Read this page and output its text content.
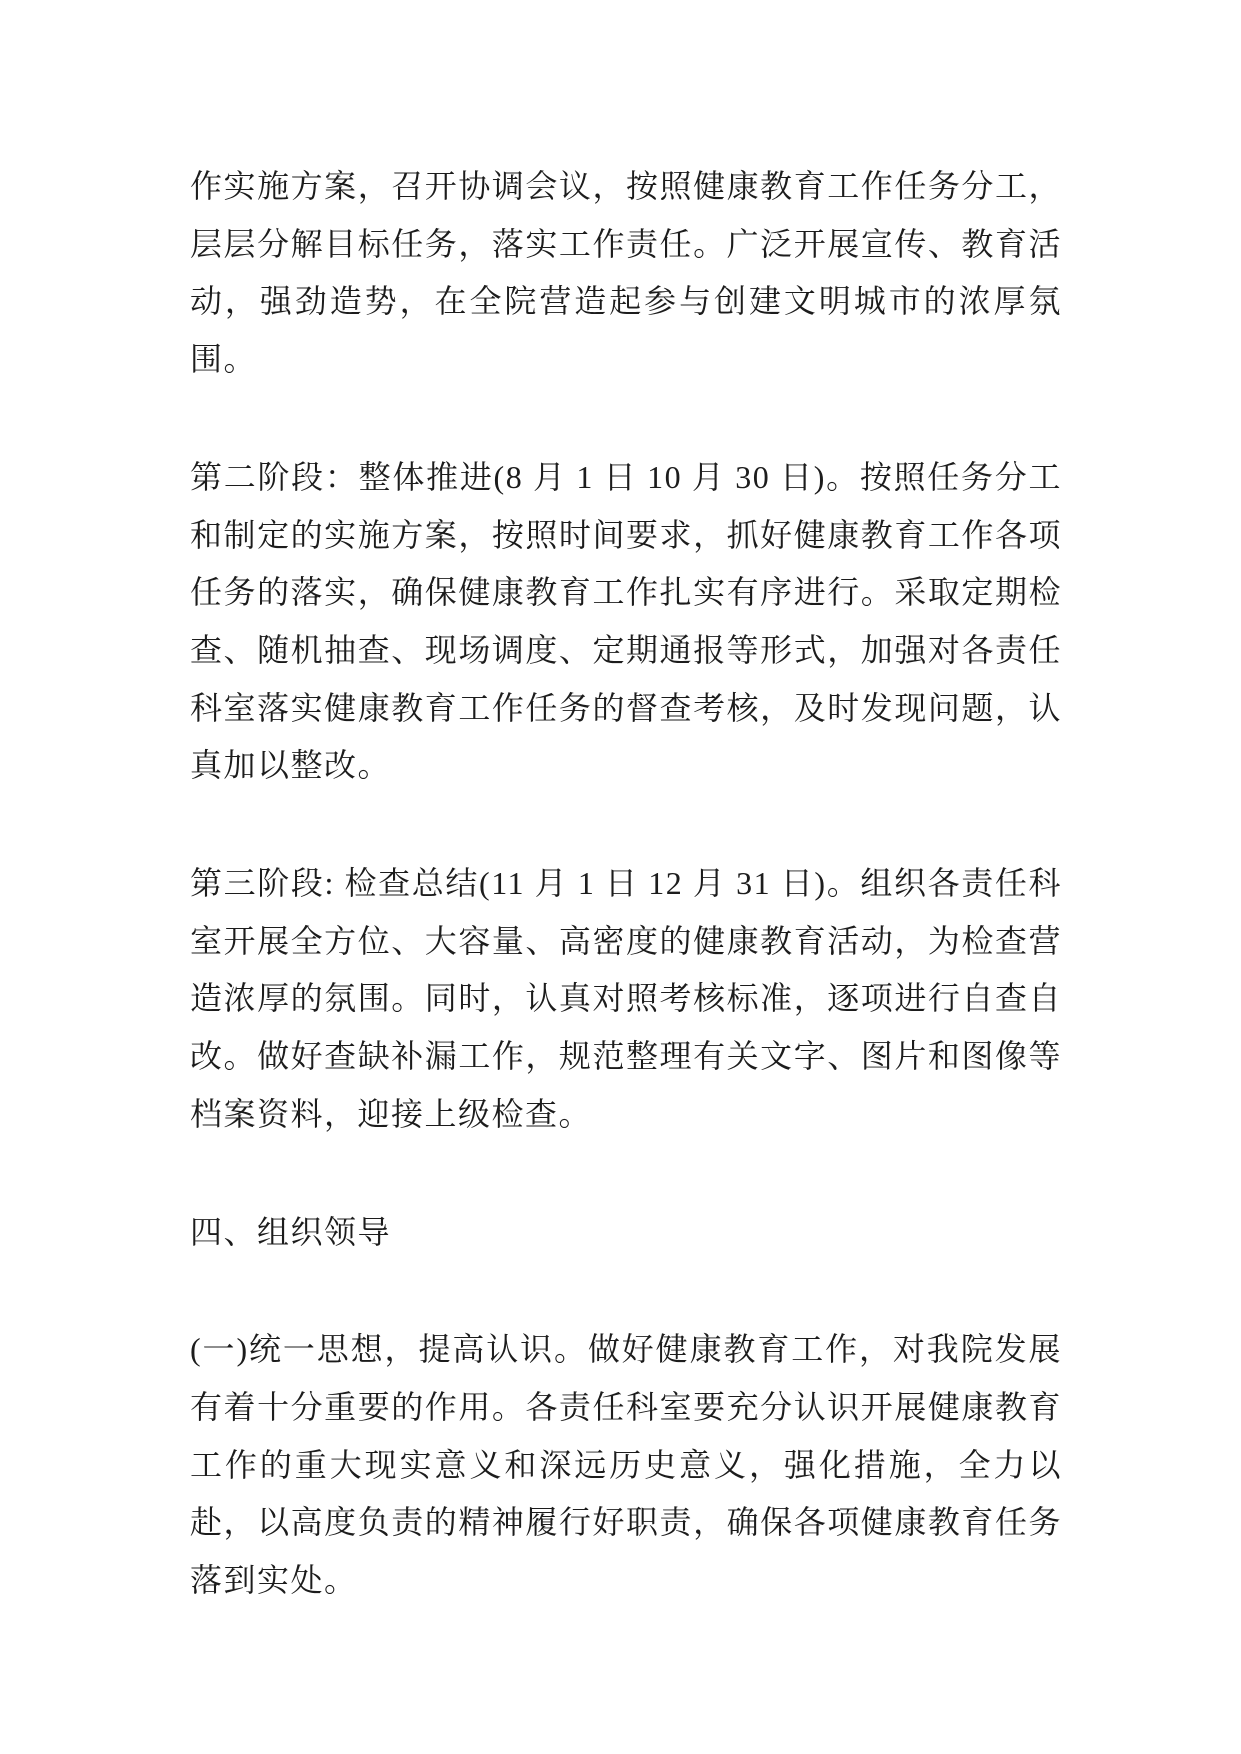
作实施方案，召开协调会议，按照健康教育工作任务分工，层层分解目标任务，落实工作责任。广泛开展宣传、教育活动，强劲造势，在全院营造起参与创建文明城市的浓厚氛围。

第二阶段：整体推进(8 月 1 日 10 月 30 日)。按照任务分工和制定的实施方案，按照时间要求，抓好健康教育工作各项任务的落实，确保健康教育工作扎实有序进行。采取定期检查、随机抽查、现场调度、定期通报等形式，加强对各责任科室落实健康教育工作任务的督查考核，及时发现问题，认真加以整改。

第三阶段: 检查总结(11 月 1 日 12 月 31 日)。组织各责任科室开展全方位、大容量、高密度的健康教育活动，为检查营造浓厚的氛围。同时，认真对照考核标准，逐项进行自查自改。做好查缺补漏工作，规范整理有关文字、图片和图像等档案资料，迎接上级检查。

四、组织领导

(一)统一思想，提高认识。做好健康教育工作，对我院发展有着十分重要的作用。各责任科室要充分认识开展健康教育工作的重大现实意义和深远历史意义，强化措施，全力以赴，以高度负责的精神履行好职责，确保各项健康教育任务落到实处。
